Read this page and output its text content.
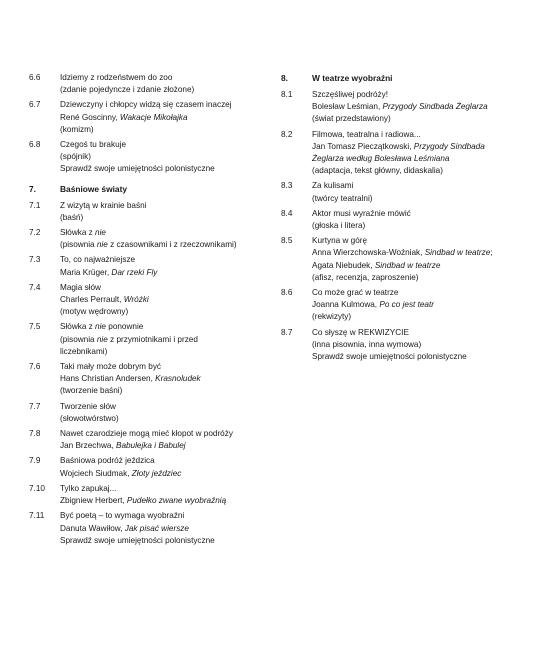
6.6	Idziemy z rodzeństwem do zoo
(zdanie pojedyncze i zdanie złożone)
6.7	Dziewczyny i chłopcy widzą się czasem inaczej
René Goscinny, Wakacje Mikołajka
(komizm)
6.8	Czegoś tu brakuje
(spójnik)
Sprawdź swoje umiejętności polonistyczne
7.	Baśniowe światy
7.1	Z wizytą w krainie baśni
(baśń)
7.2	Słówka z nie
(pisownia nie z czasownikami i z rzeczownikami)
7.3	To, co najważniejsze
Maria Krüger, Dar rzeki Fly
7.4	Magia słów
Charles Perrault, Wróżki
(motyw wędrowny)
7.5	Słówka z nie ponownie
(pisownia nie z przymiotnikami i przed
liczebnikami)
7.6	Taki mały może dobrym być
Hans Christian Andersen, Krasnoludek
(tworzenie baśni)
7.7	Tworzenie słów
(słowotwórstwo)
7.8	Nawet czarodzieje mogą mieć kłopot w podróży
Jan Brzechwa, Babulejka i Babulej
7.9	Baśniowa podróż jeździca
Wojciech Siudmak, Złoty jeździec
7.10	Tylko zapukaj...
Zbigniew Herbert, Pudełko zwane wyobraźnią
7.11	Być poetą – to wymaga wyobraźni
Danuta Wawiłow, Jak pisać wiersze
Sprawdź swoje umiejętności polonistyczne
8.	W teatrze wyobraźni
8.1	Szczęśliwej podróży!
Bolesław Leśmian, Przygody Sindbada Żeglarza
(świat przedstawiony)
8.2	Filmowa, teatralna i radiowa...
Jan Tomasz Pieczątkowski, Przygody Sindbada
Żeglarza według Bolesława Leśmiana
(adaptacja, tekst główny, didaskalia)
8.3	Za kulisami
(twórcy teatralni)
8.4	Aktor musi wyraźnie mówić
(głoska i litera)
8.5	Kurtyna w górę
Anna Wierzchowska-Woźniak, Sindbad w teatrze;
Agata Niebudek, Sindbad w teatrze
(afisz, recenzja, zaproszenie)
8.6	Co może grać w teatrze
Joanna Kulmowa, Po co jest teatr
(rekwizyty)
8.7	Co słyszę w REKWIZYCIE
(inna pisownia, inna wymowa)
Sprawdź swoje umiejętności polonistyczne
